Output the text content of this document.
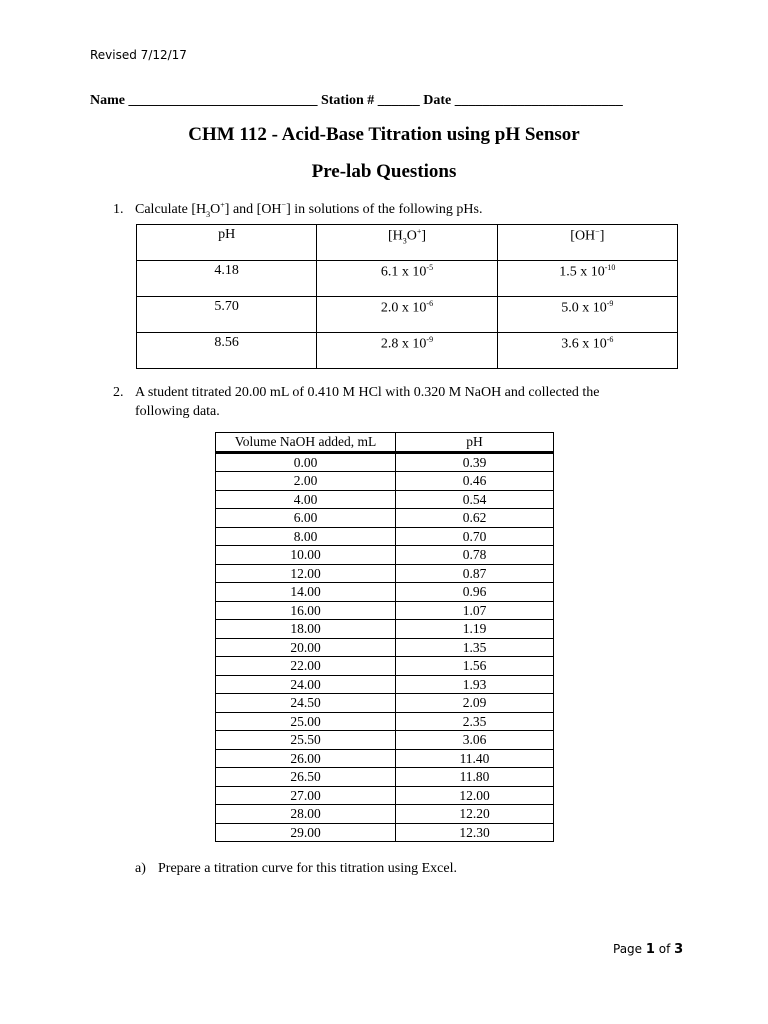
Revised 7/12/17
Name ___________________________ Station # ______ Date ________________________
CHM 112 - Acid-Base Titration using pH Sensor
Pre-lab Questions
1. Calculate $[H_3O^+]$ and [OH−] in solutions of the following pHs.
pH	$[H_3O^+]$	[OH−]
4.18	6.1 x $10^{-5}$	1.5 x $10^{-10}$
5.70	2.0 x $10^{-6}$	5.0 x $10^{-9}$
8.56	2.8 x $10^{-9}$	3.6 x $10^{-6}$
2. A student titrated 20.00 mL of 0.410 M HCl with 0.320 M NaOH and collected the following data.
Volume NaOH added, mL	pH
0.00	0.39
2.00	0.46
4.00	0.54
6.00	0.62
8.00	0.70
10.00	0.78
12.00	0.87
14.00	0.96
16.00	1.07
18.00	1.19
20.00	1.35
22.00	1.56
24.00	1.93
24.50	2.09
25.00	2.35
25.50	3.06
26.00	11.40
26.50	11.80
27.00	12.00
28.00	12.20
29.00	12.30
a) Prepare a titration curve for this titration using Excel.
Page 1 of 3
